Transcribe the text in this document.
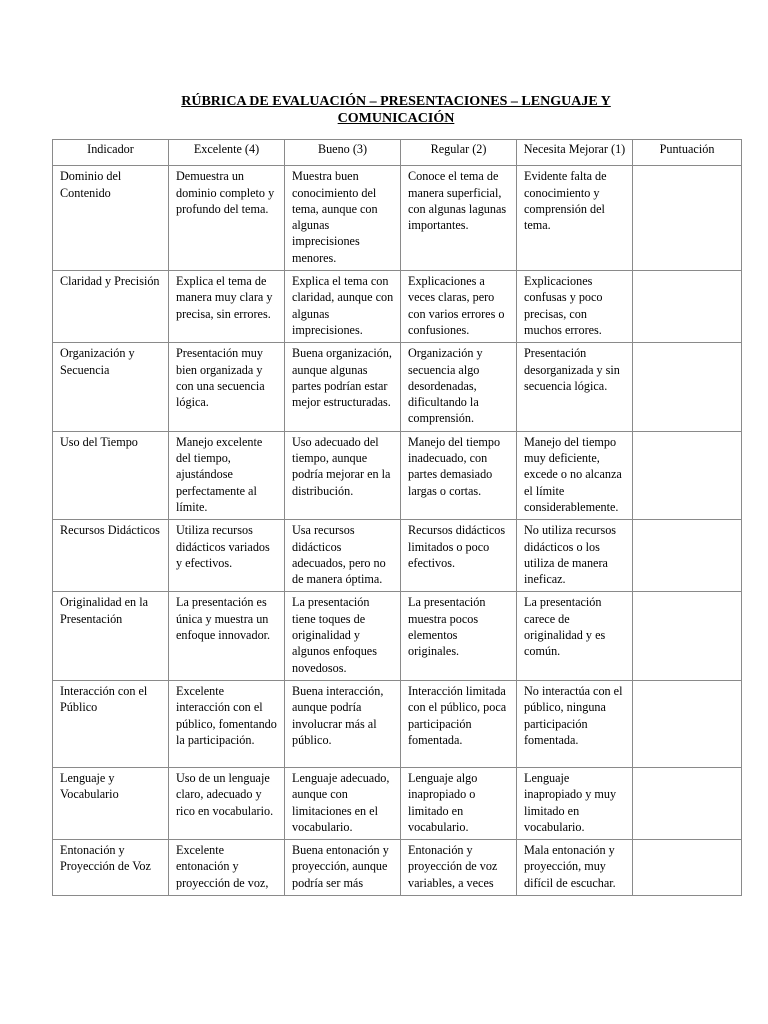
RÚBRICA DE EVALUACIÓN – PRESENTACIONES – LENGUAJE Y
COMUNICACIÓN
Indicador	Excelente (4)	Bueno (3)	Regular (2)	Necesita Mejorar (1)	Puntuación
Dominio del Contenido	Demuestra un dominio completo y profundo del tema.	Muestra buen conocimiento del tema, aunque con algunas imprecisiones menores.	Conoce el tema de manera superficial, con algunas lagunas importantes.	Evidente falta de conocimiento y comprensión del tema.	
Claridad y Precisión	Explica el tema de manera muy clara y precisa, sin errores.	Explica el tema con claridad, aunque con algunas imprecisiones.	Explicaciones a veces claras, pero con varios errores o confusiones.	Explicaciones confusas y poco precisas, con muchos errores.	
Organización y Secuencia	Presentación muy bien organizada y con una secuencia lógica.	Buena organización, aunque algunas partes podrían estar mejor estructuradas.	Organización y secuencia algo desordenadas, dificultando la comprensión.	Presentación desorganizada y sin secuencia lógica.	
Uso del Tiempo	Manejo excelente del tiempo, ajustándose perfectamente al límite.	Uso adecuado del tiempo, aunque podría mejorar en la distribución.	Manejo del tiempo inadecuado, con partes demasiado largas o cortas.	Manejo del tiempo muy deficiente, excede o no alcanza el límite considerablemente.	
Recursos Didácticos	Utiliza recursos didácticos variados y efectivos.	Usa recursos didácticos adecuados, pero no de manera óptima.	Recursos didácticos limitados o poco efectivos.	No utiliza recursos didácticos o los utiliza de manera ineficaz.	
Originalidad en la Presentación	La presentación es única y muestra un enfoque innovador.	La presentación tiene toques de originalidad y algunos enfoques novedosos.	La presentación muestra pocos elementos originales.	La presentación carece de originalidad y es común.	
Interacción con el Público	Excelente interacción con el público, fomentando la participación.	Buena interacción, aunque podría involucrar más al público.	Interacción limitada con el público, poca participación fomentada.	No interactúa con el público, ninguna participación fomentada.	
Lenguaje y Vocabulario	Uso de un lenguaje claro, adecuado y rico en vocabulario.	Lenguaje adecuado, aunque con limitaciones en el vocabulario.	Lenguaje algo inapropiado o limitado en vocabulario.	Lenguaje inapropiado y muy limitado en vocabulario.	
Entonación y Proyección de Voz	Excelente entonación y proyección de voz,	Buena entonación y proyección, aunque podría ser más	Entonación y proyección de voz variables, a veces	Mala entonación y proyección, muy difícil de escuchar.	
